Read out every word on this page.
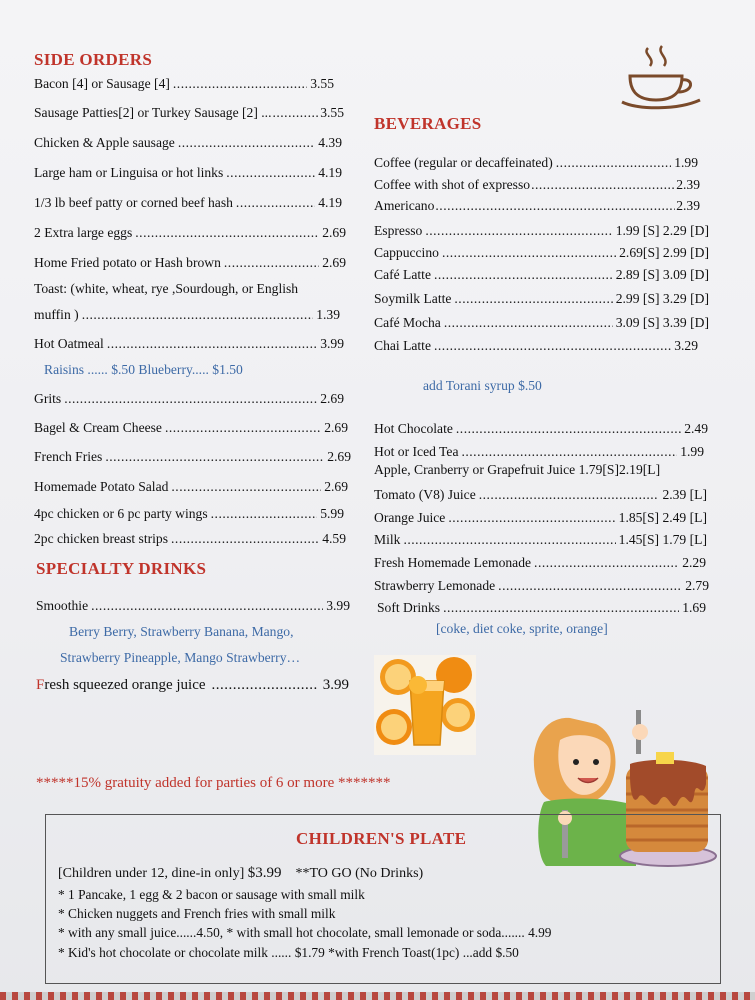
SIDE ORDERS
Bacon [4] or Sausage [4] .....	3.55
Sausage Patties[2] or Turkey Sausage [2] ... .....	3.55
Chicken & Apple sausage .....	4.39
Large ham or Linguisa or hot links .....	4.19
1/3 lb beef patty or corned beef hash .....	4.19
2 Extra large eggs .....	2.69
Home Fried potato or Hash brown .....	2.69
Toast: (white, wheat, rye ,Sourdough, or English
muffin ) .....	1.39
Hot Oatmeal .....	3.99
Raisins ...... $.50 Blueberry..... $1.50
Grits .....	2.69
Bagel & Cream Cheese .....	2.69
French Fries .....	2.69
Homemade Potato Salad .....	2.69
4pc chicken or 6 pc party wings .....	5.99
2pc chicken breast strips .....	4.59
SPECIALTY DRINKS
Smoothie .....	3.99
Berry Berry, Strawberry Banana, Mango,
Strawberry Pineapple, Mango Strawberry…
Fresh squeezed orange juice .....	3.99
BEVERAGES
Coffee (regular or decaffeinated) .....	1.99
Coffee with shot of expresso .....	2.39
Americano .....	2.39
Espresso .....	1.99 [S] 2.29 [D]
Cappuccino .....	2.69[S] 2.99 [D]
Café Latte .....	2.89 [S] 3.09 [D]
Soymilk Latte .....	2.99 [S] 3.29 [D]
Café Mocha .....	3.09 [S] 3.39 [D]
Chai Latte .....	3.29
add Torani syrup $.50
Hot Chocolate .....	2.49
Hot or Iced Tea .....	1.99
Apple, Cranberry or Grapefruit Juice 1.79[S]2.19[L]
Tomato (V8) Juice .....	2.39 [L]
Orange Juice .....	1.85[S] 2.49 [L]
Milk .....	1.45[S] 1.79 [L]
Fresh Homemade Lemonade .....	2.29
Strawberry Lemonade .....	2.79
Soft Drinks .....	1.69
[coke, diet coke, sprite, orange]
*****15% gratuity added for parties of 6 or more *******
CHILDREN'S PLATE
[Children under 12, dine-in only] $3.99 **TO GO (No Drinks)
* 1 Pancake, 1 egg & 2 bacon or sausage with small milk
* Chicken nuggets and French fries with small milk
* with any small juice......4.50, * with small hot chocolate, small lemonade or soda....... 4.99
* Kid's hot chocolate or chocolate milk ...... $1.79 *with French Toast(1pc) ...add $.50
